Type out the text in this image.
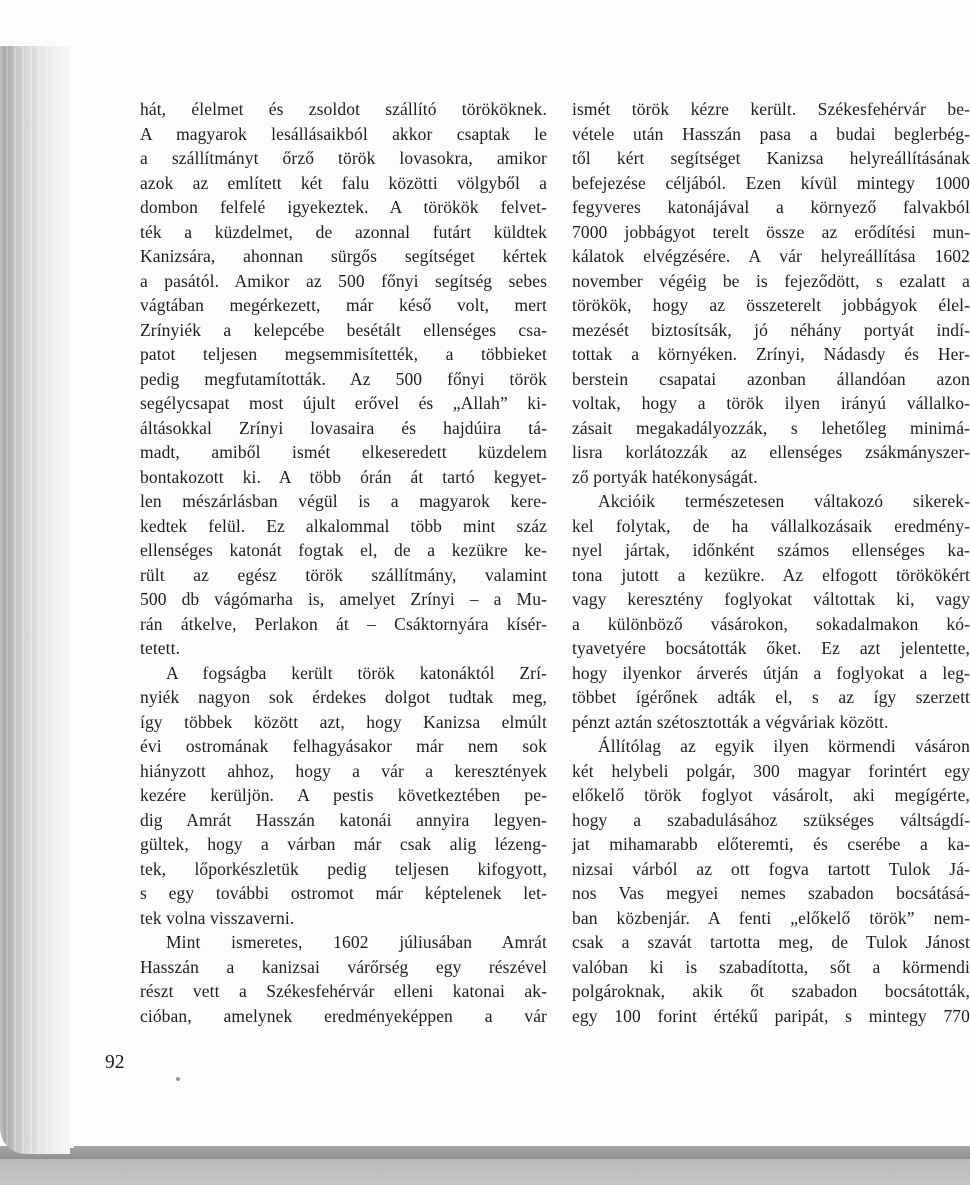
hát, élelmet és zsoldot szállító törököknek.
A magyarok lesállásaikból akkor csaptak le
a szállítmányt őrző török lovasokra, amikor
azok az említett két falu közötti völgyből a
dombon felfelé igyekeztek. A törökök felvet-
ték a küzdelmet, de azonnal futárt küldtek
Kanizsára, ahonnan sürgős segítséget kértek
a pasától. Amikor az 500 főnyi segítség sebes
vágtában megérkezett, már késő volt, mert
Zrínyiék a kelepcébe besétált ellenséges csa-
patot teljesen megsemmisítették, a többieket
pedig megfutamították. Az 500 főnyi török
segélycsapat most újult erővel és „Allah” ki-
áltásokkal Zrínyi lovasaira és hajdúira tá-
madt, amiből ismét elkeseredett küzdelem
bontakozott ki. A több órán át tartó kegyet-
len mészárlásban végül is a magyarok kere-
kedtek felül. Ez alkalommal több mint száz
ellenséges katonát fogtak el, de a kezükre ke-
rült az egész török szállítmány, valamint
500 db vágómarha is, amelyet Zrínyi – a Mu-
rán átkelve, Perlakon át – Csáktornyára kísér-
tetett.
A fogságba került török katonáktól Zrí-
nyiék nagyon sok érdekes dolgot tudtak meg,
így többek között azt, hogy Kanizsa elmúlt
évi ostromának felhagyásakor már nem sok
hiányzott ahhoz, hogy a vár a keresztények
kezére kerüljön. A pestis következtében pe-
dig Amrát Hasszán katonái annyira legyen-
gültek, hogy a várban már csak alig lézeng-
tek, lőporkészletük pedig teljesen kifogyott,
s egy további ostromot már képtelenek let-
tek volna visszaverni.
Mint ismeretes, 1602 júliusában Amrát
Hasszán a kanizsai várőrség egy részével
részt vett a Székesfehérvár elleni katonai ak-
cióban, amelynek eredményeképpen a vár
ismét török kézre került. Székesfehérvár be-
vétele után Hasszán pasa a budai beglerbég-
től kért segítséget Kanizsa helyreállításának
befejezése céljából. Ezen kívül mintegy 1000
fegyveres katonájával a környező falvakból
7000 jobbágyot terelt össze az erődítési mun-
kálatok elvégzésére. A vár helyreállítása 1602
november végéig be is fejeződött, s ezalatt a
törökök, hogy az összeterelt jobbágyok élel-
mezését biztosítsák, jó néhány portyát indí-
tottak a környéken. Zrínyi, Nádasdy és Her-
berstein csapatai azonban állandóan azon
voltak, hogy a török ilyen irányú vállalko-
zásait megakadályozzák, s lehetőleg minimá-
lisra korlátozzák az ellenséges zsákmányszer-
ző portyák hatékonyságát.
Akcióik természetesen váltakozó sikerek-
kel folytak, de ha vállalkozásaik eredmény-
nyel jártak, időnként számos ellenséges ka-
tona jutott a kezükre. Az elfogott törökökért
vagy keresztény foglyokat váltottak ki, vagy
a különböző vásárokon, sokadalmakon kó-
tyavetyére bocsátották őket. Ez azt jelentette,
hogy ilyenkor árverés útján a foglyokat a leg-
többet ígérőnek adták el, s az így szerzett
pénzt aztán szétosztották a végváriak között.
Állítólag az egyik ilyen körmendi vásáron
két helybeli polgár, 300 magyar forintért egy
előkelő török foglyot vásárolt, aki megígérte,
hogy a szabadulásához szükséges váltságdí-
jat mihamarabb előteremti, és cserébe a ka-
nizsai várból az ott fogva tartott Tulok Já-
nos Vas megyei nemes szabadon bocsátásá-
ban közbenjár. A fenti „előkelő török” nem-
csak a szavát tartotta meg, de Tulok Jánost
valóban ki is szabadította, sőt a körmendi
polgároknak, akik őt szabadon bocsátották,
egy 100 forint értékű paripát, s mintegy 770
92
